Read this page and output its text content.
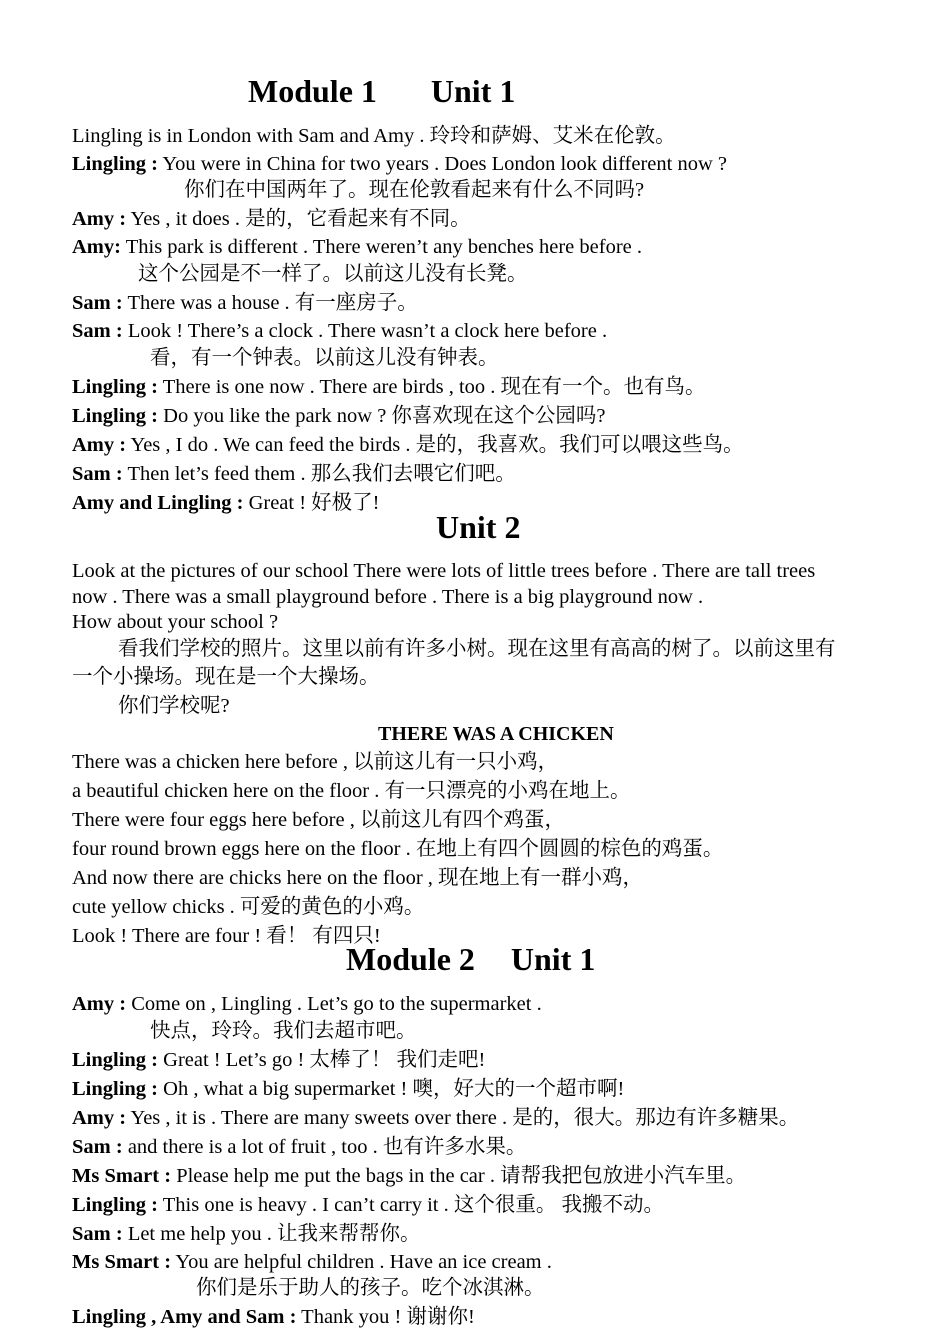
Module 1 Unit 1
Lingling is in London with Sam and Amy . 玲玲和萨姆、艾米在伦敦。
Lingling : You were in China for two years . Does London look different now ?
你们在中国两年了。现在伦敦看起来有什么不同吗?
Amy : Yes , it does . 是的，它看起来有不同。
Amy: This park is different . There weren’t any benches here before .
这个公园是不一样了。以前这儿没有长凳。
Sam : There was a house . 有一座房子。
Sam : Look ! There’s a clock . There wasn’t a clock here before .
看，有一个钟表。以前这儿没有钟表。
Lingling : There is one now . There are birds , too . 现在有一个。也有鸟。
Lingling : Do you like the park now ? 你喜欢现在这个公园吗?
Amy : Yes , I do . We can feed the birds . 是的，我喜欢。我们可以喂这些鸟。
Sam : Then let’s feed them . 那么我们去喂它们吧。
Amy and Lingling : Great ! 好极了!
Unit 2
Look at the pictures of our school There were lots of little trees before . There are tall trees
now . There was a small playground before . There is a big playground now .
How about your school ?
看我们学校的照片。这里以前有许多小树。现在这里有高高的树了。以前这里有
一个小操场。现在是一个大操场。
你们学校呢?
THERE WAS A CHICKEN
There was a chicken here before , 以前这儿有一只小鸡，
a beautiful chicken here on the floor . 有一只漂亮的小鸡在地上。
There were four eggs here before , 以前这儿有四个鸡蛋，
four round brown eggs here on the floor . 在地上有四个圆圆的棕色的鸡蛋。
And now there are chicks here on the floor , 现在地上有一群小鸡，
cute yellow chicks . 可爱的黄色的小鸡。
Look ! There are four ! 看！ 有四只!
Module 2 Unit 1
Amy : Come on , Lingling . Let’s go to the supermarket .
快点，玲玲。我们去超市吧。
Lingling : Great ! Let’s go ! 太棒了！ 我们走吧!
Lingling : Oh , what a big supermarket ! 噢，好大的一个超市啊!
Amy : Yes , it is . There are many sweets over there . 是的，很大。那边有许多糖果。
Sam : and there is a lot of fruit , too . 也有许多水果。
Ms Smart : Please help me put the bags in the car . 请帮我把包放进小汽车里。
Lingling : This one is heavy . I can’t carry it . 这个很重。 我搬不动。
Sam : Let me help you . 让我来帮帮你。
Ms Smart : You are helpful children . Have an ice cream .
你们是乐于助人的孩子。吃个冰淇淋。
Lingling , Amy and Sam : Thank you ! 谢谢你!
